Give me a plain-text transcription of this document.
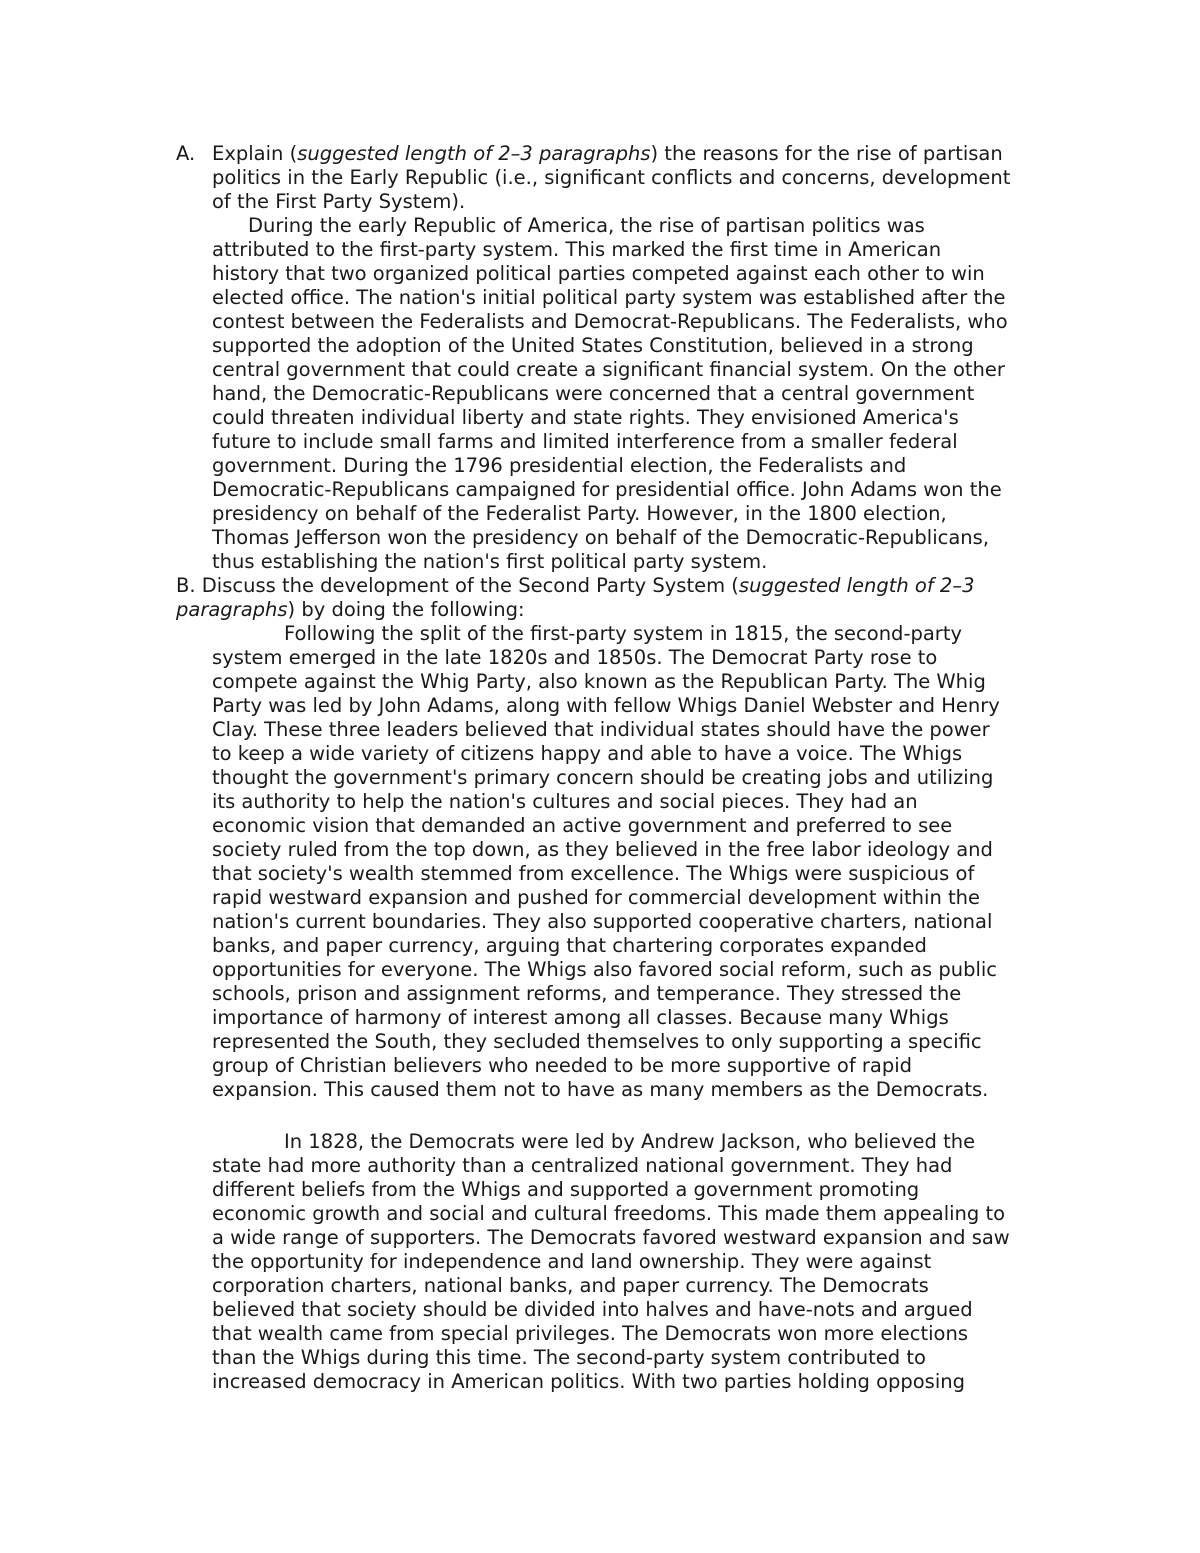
A. Explain (suggested length of 2–3 paragraphs) the reasons for the rise of partisan
politics in the Early Republic (i.e., significant conflicts and concerns, development
of the First Party System).
During the early Republic of America, the rise of partisan politics was
attributed to the first-party system. This marked the first time in American
history that two organized political parties competed against each other to win
elected office. The nation's initial political party system was established after the
contest between the Federalists and Democrat-Republicans. The Federalists, who
supported the adoption of the United States Constitution, believed in a strong
central government that could create a significant financial system. On the other
hand, the Democratic-Republicans were concerned that a central government
could threaten individual liberty and state rights. They envisioned America's
future to include small farms and limited interference from a smaller federal
government. During the 1796 presidential election, the Federalists and
Democratic-Republicans campaigned for presidential office. John Adams won the
presidency on behalf of the Federalist Party. However, in the 1800 election,
Thomas Jefferson won the presidency on behalf of the Democratic-Republicans,
thus establishing the nation's first political party system.
B. Discuss the development of the Second Party System (suggested length of 2–3
paragraphs) by doing the following:
Following the split of the first-party system in 1815, the second-party
system emerged in the late 1820s and 1850s. The Democrat Party rose to
compete against the Whig Party, also known as the Republican Party. The Whig
Party was led by John Adams, along with fellow Whigs Daniel Webster and Henry
Clay. These three leaders believed that individual states should have the power
to keep a wide variety of citizens happy and able to have a voice. The Whigs
thought the government's primary concern should be creating jobs and utilizing
its authority to help the nation's cultures and social pieces. They had an
economic vision that demanded an active government and preferred to see
society ruled from the top down, as they believed in the free labor ideology and
that society's wealth stemmed from excellence. The Whigs were suspicious of
rapid westward expansion and pushed for commercial development within the
nation's current boundaries. They also supported cooperative charters, national
banks, and paper currency, arguing that chartering corporates expanded
opportunities for everyone. The Whigs also favored social reform, such as public
schools, prison and assignment reforms, and temperance. They stressed the
importance of harmony of interest among all classes. Because many Whigs
represented the South, they secluded themselves to only supporting a specific
group of Christian believers who needed to be more supportive of rapid
expansion. This caused them not to have as many members as the Democrats.
In 1828, the Democrats were led by Andrew Jackson, who believed the
state had more authority than a centralized national government. They had
different beliefs from the Whigs and supported a government promoting
economic growth and social and cultural freedoms. This made them appealing to
a wide range of supporters. The Democrats favored westward expansion and saw
the opportunity for independence and land ownership. They were against
corporation charters, national banks, and paper currency. The Democrats
believed that society should be divided into halves and have-nots and argued
that wealth came from special privileges. The Democrats won more elections
than the Whigs during this time. The second-party system contributed to
increased democracy in American politics. With two parties holding opposing
